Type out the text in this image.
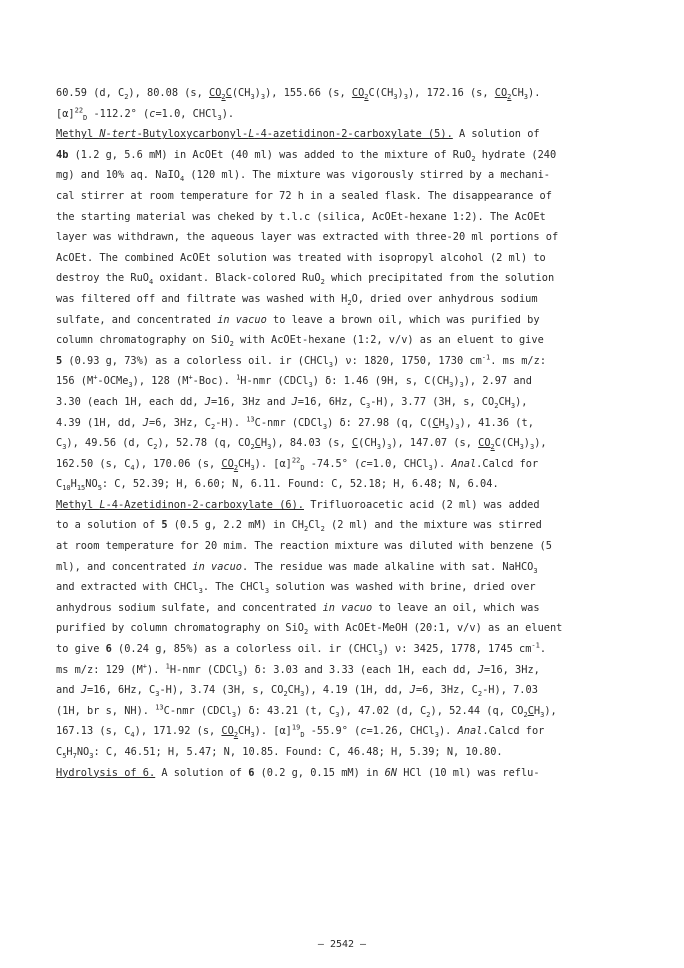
60.59 (d, $C_2$), 80.08 (s, $CO_2C(CH_3)_3$), 155.66 (s, $CO_2C(CH_3)_3$), 172.16 (s, $CO_2CH_3$).
$[\alpha]^{22}_D$ -112.2° (c=1.0, CHCl$_3$).
Methyl N-tert-Butyloxycarbonyl-L-4-azetidinon-2-carboxylate (5). A solution of
4b (1.2 g, 5.6 mM) in AcOEt (40 ml) was added to the mixture of RuO$_2$ hydrate (240
mg) and 10% aq. NaIO$_4$ (120 ml). The mixture was vigorously stirred by a mechani-
cal stirrer at room temperature for 72 h in a sealed flask. The disappearance of
the starting material was cheked by t.l.c (silica, AcOEt-hexane 1:2). The AcOEt
layer was withdrawn, the aqueous layer was extracted with three-20 ml portions of
AcOEt. The combined AcOEt solution was treated with isopropyl alcohol (2 ml) to
destroy the RuO$_4$ oxidant. Black-colored RuO$_2$ which precipitated from the solution
was filtered off and filtrate was washed with $H_2O$, dried over anhydrous sodium
sulfate, and concentrated in vacuo to leave a brown oil, which was purified by
column chromatography on SiO$_2$ with AcOEt-hexane (1:2, v/v) as an eluent to give
5 (0.93 g, 73%) as a colorless oil. ir (CHCl$_3$) ν: 1820, 1750, 1730 $cm^{-1}$. ms m/z:
156 (M+-OCMe$_3$), 128 (M+-Boc). $^1$H-nmr (CDCl$_3$) δ: 1.46 (9H, s, $C(CH_3)_3$), 2.97 and
3.30 (each 1H, each dd, J=16, 3Hz and J=16, 6Hz, $C_3-H$), 3.77 (3H, s, $CO_2CH_3$),
4.39 (1H, dd, J=6, 3Hz, $C_2-H$). $^{13}$C-nmr (CDCl$_3$) δ: 27.98 (q, $C(CH_3)_3$), 41.36 (t,
$C_3$), 49.56 (d, $C_2$), 52.78 (q, $CO_2CH_3$), 84.03 (s, $C(CH_3)_3$), 147.07 (s, $CO_2C(CH_3)_3$),
162.50 (s, $C_4$), 170.06 (s, $CO_2CH_3$). $[\alpha]^{22}_D$ -74.5° (c=1.0, CHCl$_3$). Anal.Calcd for
$C_{10}H_{15}NO_5$: C, 52.39; H, 6.60; N, 6.11. Found: C, 52.18; H, 6.48; N, 6.04.
Methyl L-4-Azetidinon-2-carboxylate (6). Trifluoroacetic acid (2 ml) was added
to a solution of 5 (0.5 g, 2.2 mM) in $CH_2Cl_2$ (2 ml) and the mixture was stirred
at room temperature for 20 mim. The reaction mixture was diluted with benzene (5
ml), and concentrated in vacuo. The residue was made alkaline with sat. NaHCO$_3$
and extracted with CHCl$_3$. The CHCl$_3$ solution was washed with brine, dried over
anhydrous sodium sulfate, and concentrated in vacuo to leave an oil, which was
purified by column chromatography on SiO$_2$ with AcOEt-MeOH (20:1, v/v) as an eluent
to give 6 (0.24 g, 85%) as a colorless oil. ir (CHCl$_3$) ν: 3425, 1778, 1745 $cm^{-1}$.
ms m/z: 129 (M+). $^1$H-nmr (CDCl$_3$) δ: 3.03 and 3.33 (each 1H, each dd, J=16, 3Hz,
and J=16, 6Hz, $C_3-H$), 3.74 (3H, s, $CO_2CH_3$), 4.19 (1H, dd, J=6, 3Hz, $C_2-H$), 7.03
(1H, br s, NH). $^{13}$C-nmr (CDCl$_3$) δ: 43.21 (t, $C_3$), 47.02 (d, $C_2$), 52.44 (q, $CO_2CH_3$),
167.13 (s, $C_4$), 171.92 (s, $CO_2CH_3$). $[\alpha]^{19}_D$ -55.9° (c=1.26, CHCl$_3$). Anal.Calcd for
$C_5H_7NO_3$: C, 46.51; H, 5.47; N, 10.85. Found: C, 46.48; H, 5.39; N, 10.80.
Hydrolysis of 6. A solution of 6 (0.2 g, 0.15 mM) in 6N HCl (10 ml) was reflu-
— 2542 —
